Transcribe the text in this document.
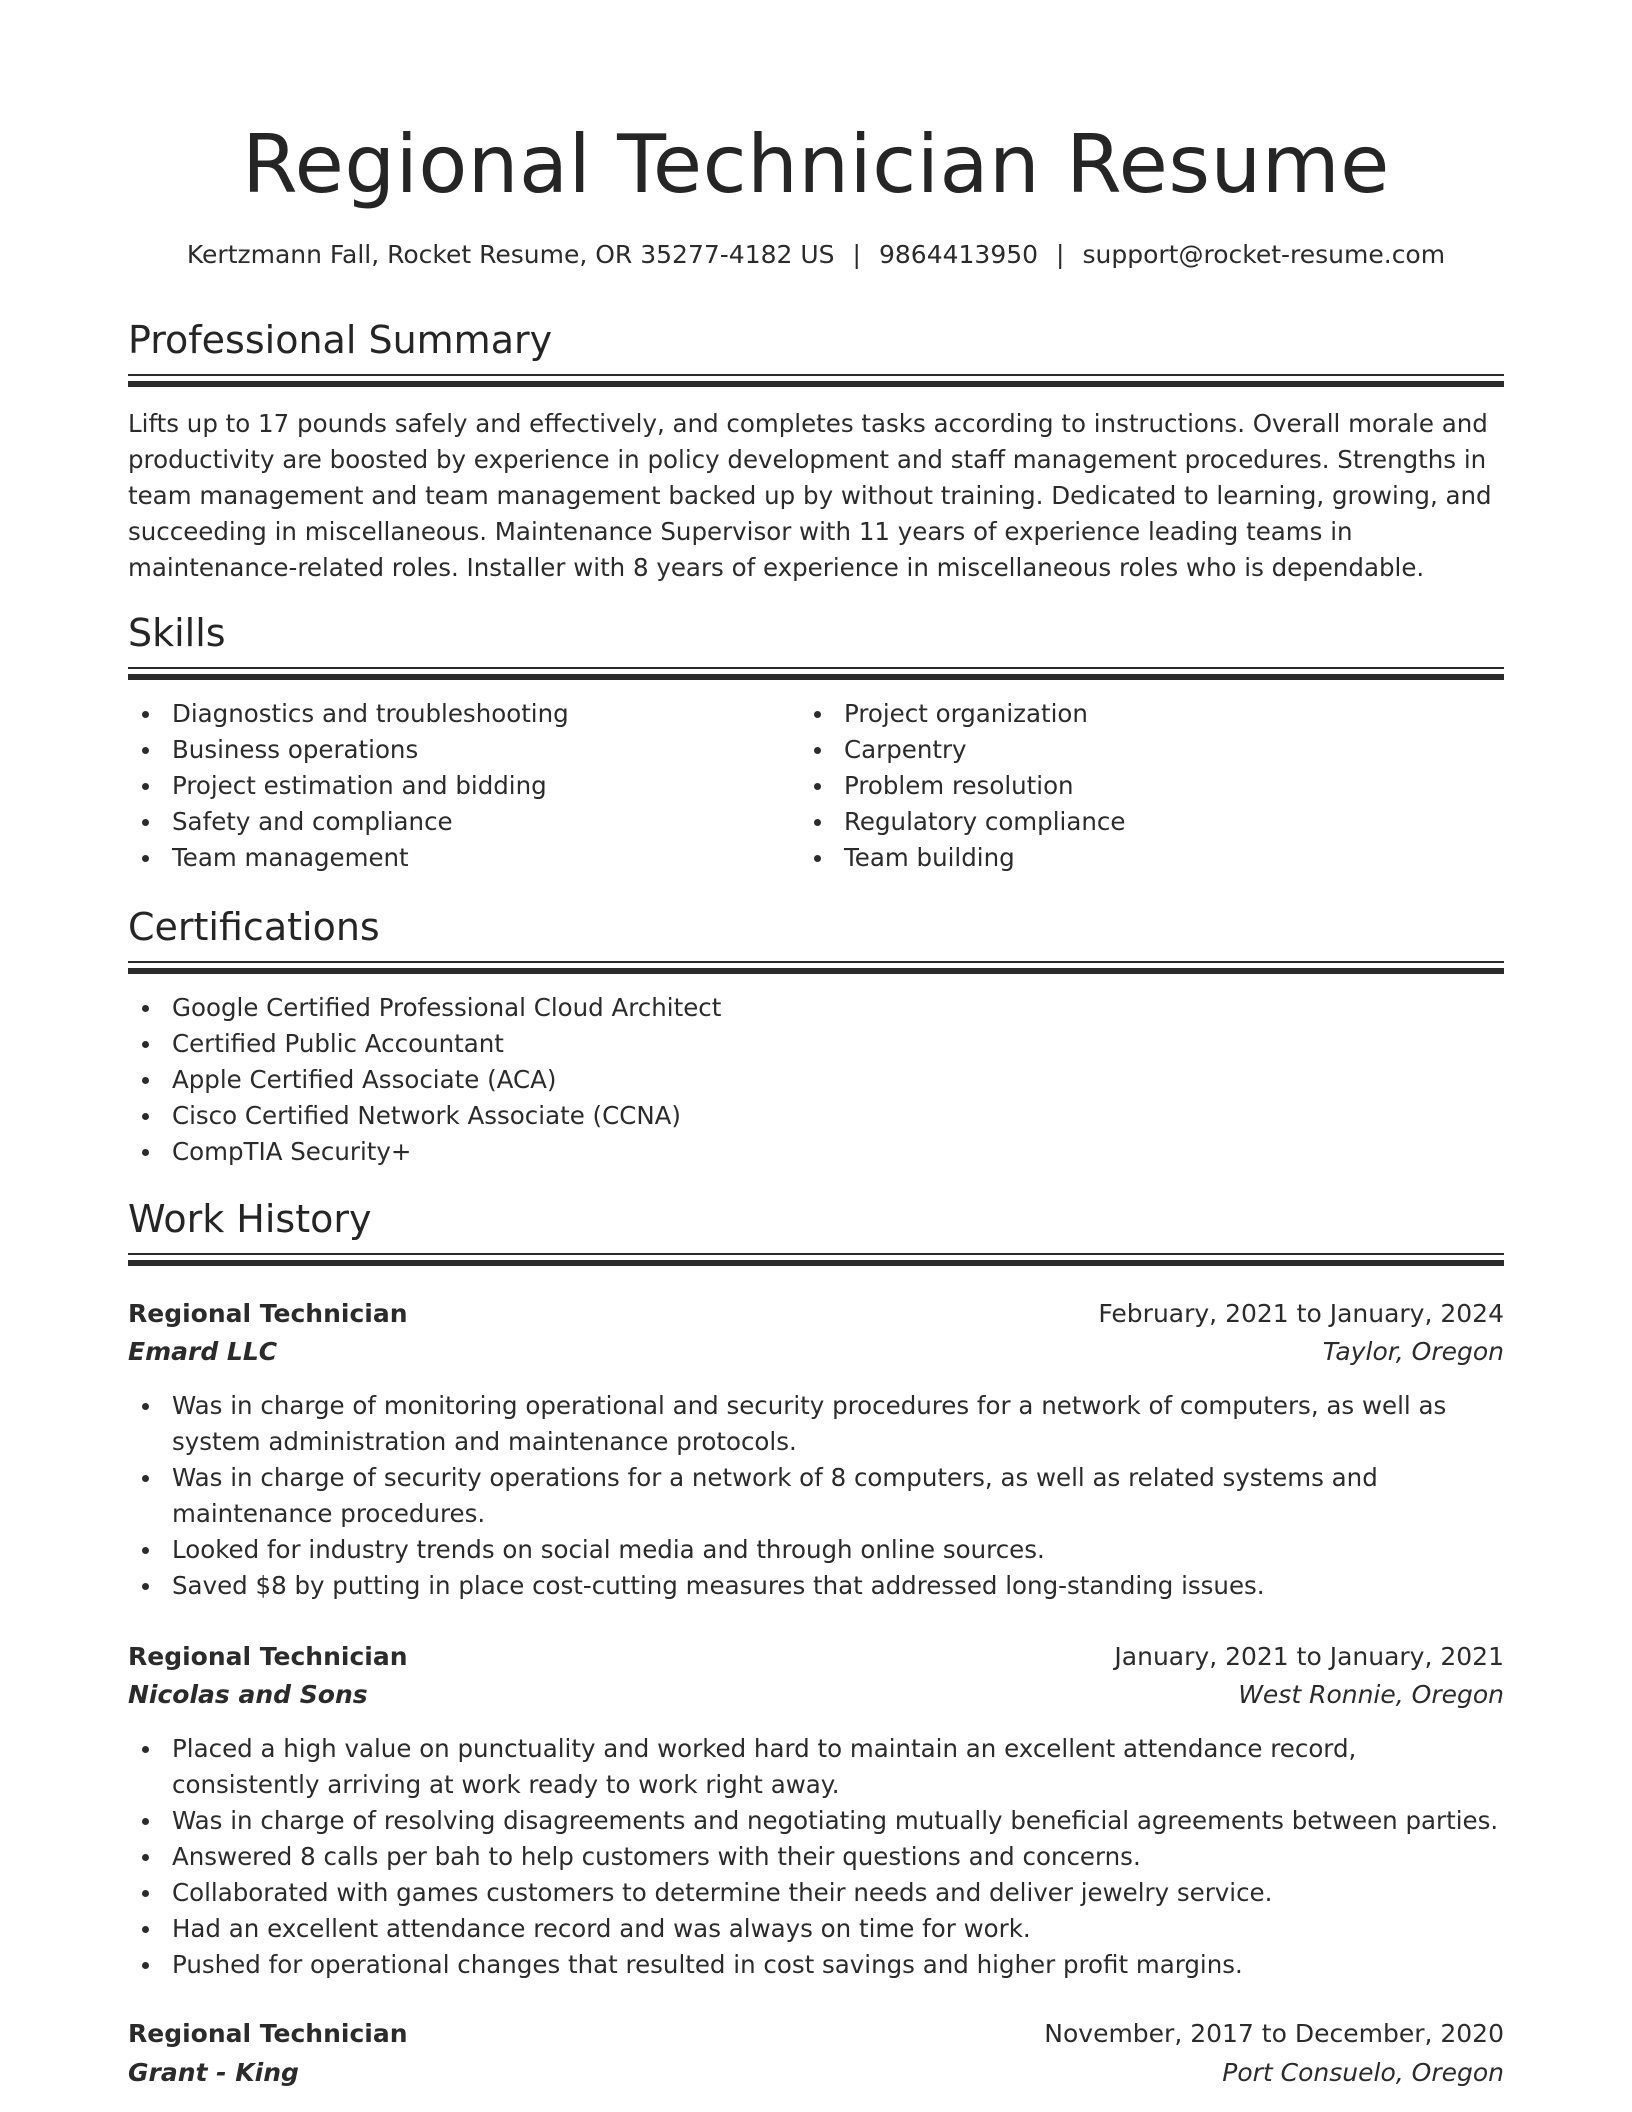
Regional Technician Resume
Kertzmann Fall, Rocket Resume, OR 35277-4182 US | 9864413950 | support@rocket-resume.com
Professional Summary

Lifts up to 17 pounds safely and effectively, and completes tasks according to instructions. Overall morale and productivity are boosted by experience in policy development and staff management procedures. Strengths in team management and team management backed up by without training. Dedicated to learning, growing, and succeeding in miscellaneous. Maintenance Supervisor with 11 years of experience leading teams in maintenance-related roles. Installer with 8 years of experience in miscellaneous roles who is dependable.

Skills
Diagnostics and troubleshooting
Business operations
Project estimation and bidding
Safety and compliance
Team management
Project organization
Carpentry
Problem resolution
Regulatory compliance
Team building
Certifications
Google Certified Professional Cloud Architect
Certified Public Accountant
Apple Certified Associate (ACA)
Cisco Certified Network Associate (CCNA)
CompTIA Security+
Work History
Regional Technician	February, 2021 to January, 2024
Emard LLC	Taylor, Oregon
Was in charge of monitoring operational and security procedures for a network of computers, as well as system administration and maintenance protocols.
Was in charge of security operations for a network of 8 computers, as well as related systems and maintenance procedures.
Looked for industry trends on social media and through online sources.
Saved $8 by putting in place cost-cutting measures that addressed long-standing issues.
Regional Technician	January, 2021 to January, 2021
Nicolas and Sons	West Ronnie, Oregon
Placed a high value on punctuality and worked hard to maintain an excellent attendance record, consistently arriving at work ready to work right away.
Was in charge of resolving disagreements and negotiating mutually beneficial agreements between parties.
Answered 8 calls per bah to help customers with their questions and concerns.
Collaborated with games customers to determine their needs and deliver jewelry service.
Had an excellent attendance record and was always on time for work.
Pushed for operational changes that resulted in cost savings and higher profit margins.
Regional Technician	November, 2017 to December, 2020
Grant - King	Port Consuelo, Oregon
